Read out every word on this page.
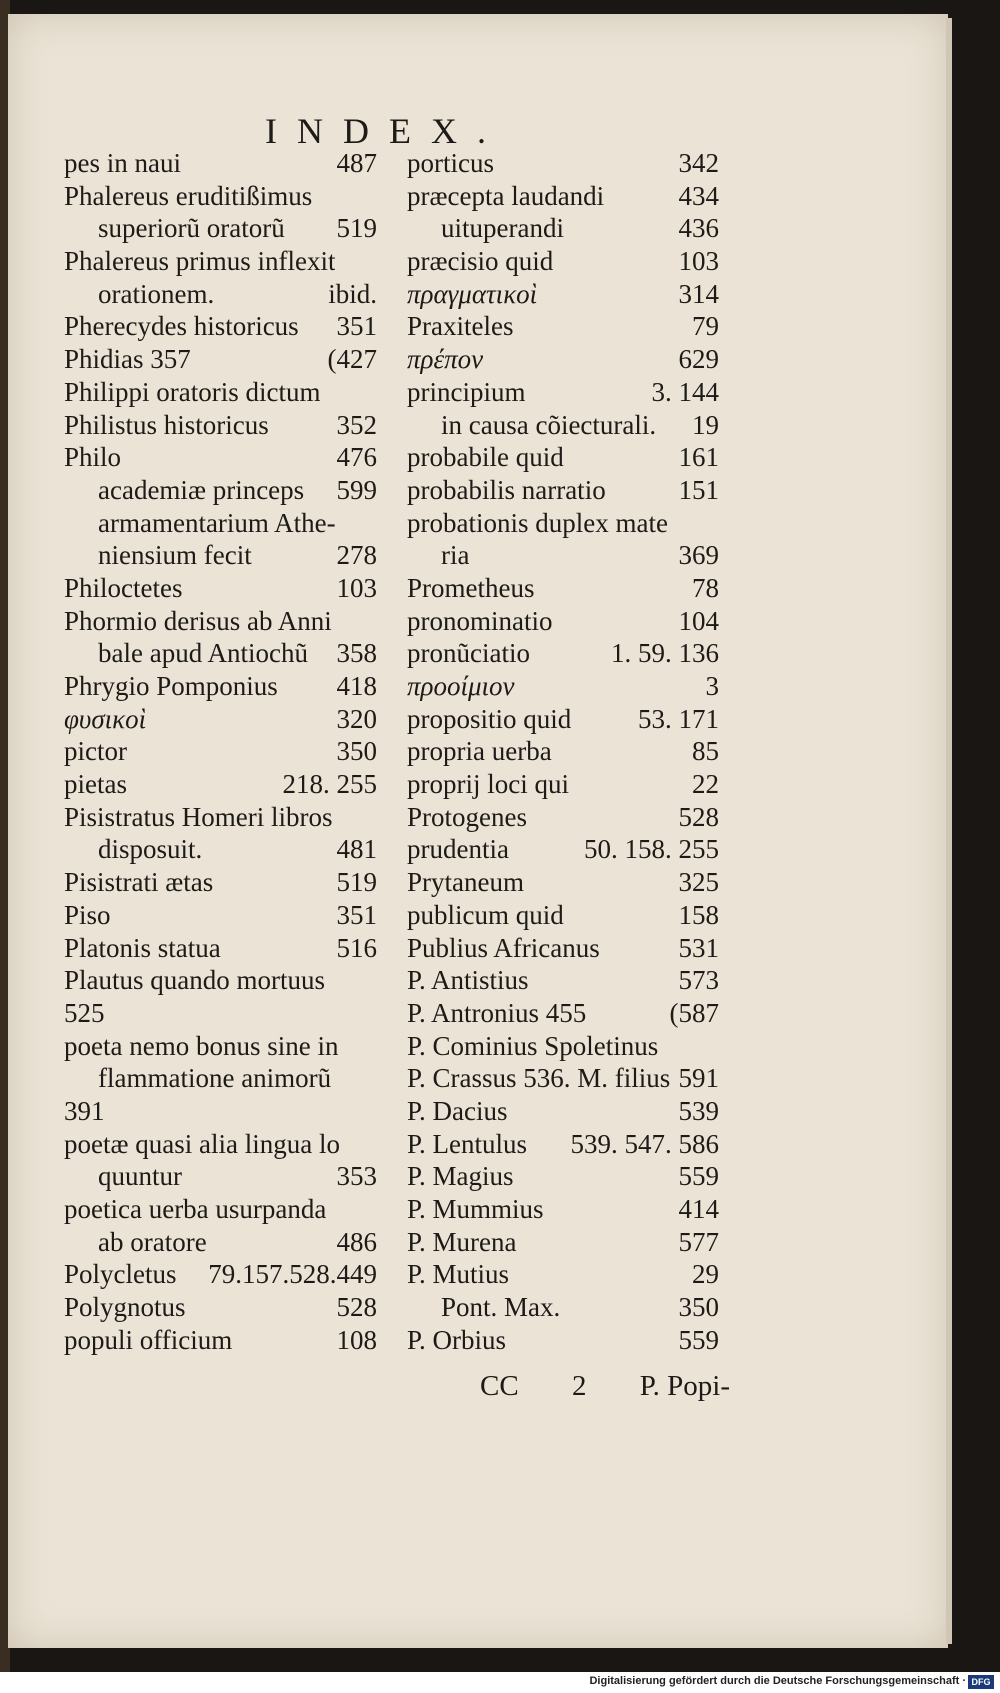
INDEX.
pes in naui	487
Phalereus eruditißimus
superiorũ oratorũ 519
Phalereus primus inflexit
orationem.	ibid.
Pherecydes historicus 351
Phidias 357	(427
Philippi oratoris dictum
Philistus historicus	352
Philo	476
academiæ princeps 599
armamentarium Athe-
niensium fecit	278
Philoctetes	103
Phormio derisus ab Anni
bale apud Antiochũ 358
Phrygio Pomponius 418
φυσικοὶ	320
pictor	350
pietas	218. 255
Pisistratus Homeri libros
disposuit.	481
Pisistrati ætas	519
Piso	351
Platonis statua	516
Plautus quando mortuus
525
poeta nemo bonus sine in
flammatione animorũ
391
poetæ quasi alia lingua lo
quuntur	353
poetica uerba usurpanda
ab oratore	486
Polycletus 79.157.528.449
Polygnotus	528
populi officium	108
porticus	342
præcepta laudandi	434
uituperandi	436
præcisio quid	103
πραγματικοὶ	314
Praxiteles	79
πρέπον	629
principium	3. 144
in causa cõiecturali. 19
probabile quid	161
probabilis narratio	151
probationis duplex mate
ria	369
Prometheus	78
pronominatio	104
pronũciatio	1. 59. 136
προοίμιον	3
propositio quid 53. 171
propria uerba	85
proprij loci qui	22
Protogenes	528
prudentia	50. 158. 255
Prytaneum	325
publicum quid	158
Publius Africanus	531
P. Antistius	573
P. Antronius 455	(587
P. Cominius Spoletinus
P. Crassus 536. M. filius 591
P. Dacius	539
P. Lentulus 539. 547. 586
P. Magius	559
P. Mummius	414
P. Murena	577
P. Mutius	29
Pont. Max.	350
P. Orbius	559
CC 2 P. Popi-
Digitalisierung gefördert durch die Deutsche Forschungsgemeinschaft · DFG
